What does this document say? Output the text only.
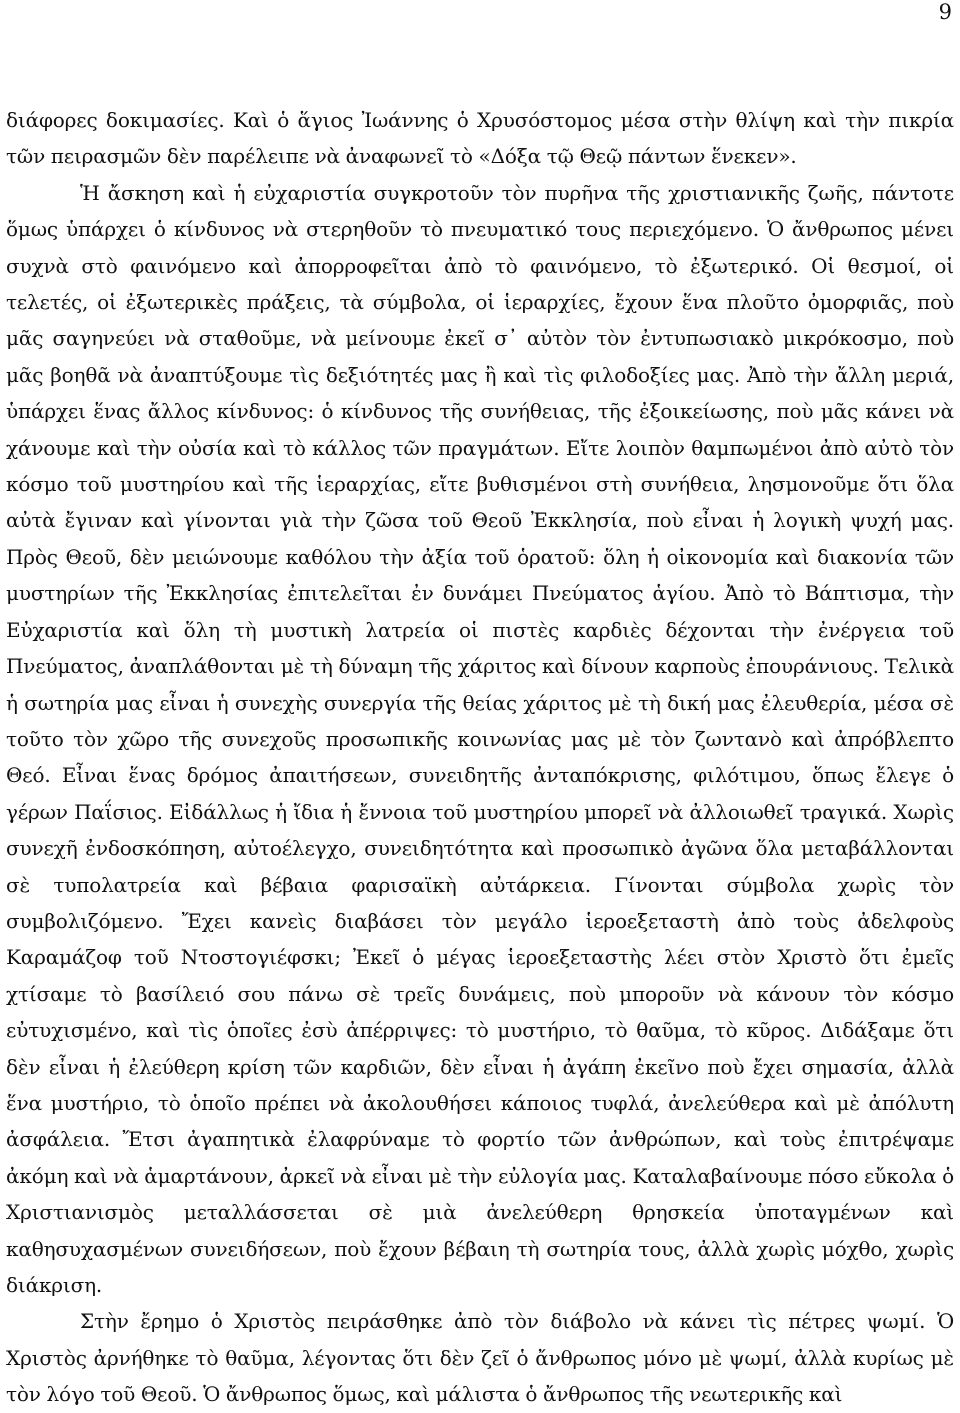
9

διάφορες δοκιμασίες. Καὶ ὁ ἅγιος Ἰωάννης ὁ Χρυσόστομος μέσα στὴν θλίψη καὶ τὴν πικρία τῶν πειρασμῶν δὲν παρέλειπε νὰ ἀναφωνεῖ τὸ «Δόξα τῷ Θεῷ πάντων ἕνεκεν».

Ἡ ἄσκηση καὶ ἡ εὐχαριστία συγκροτοῦν τὸν πυρῆνα τῆς χριστιανικῆς ζωῆς, πάντοτε ὅμως ὑπάρχει ὁ κίνδυνος νὰ στερηθοῦν τὸ πνευματικό τους περιεχόμενο. Ὁ ἄνθρωπος μένει συχνὰ στὸ φαινόμενο καὶ ἀπορροφεῖται ἀπὸ τὸ φαινόμενο, τὸ ἐξωτερικό. Οἱ θεσμοί, οἱ τελετές, οἱ ἐξωτερικὲς πράξεις, τὰ σύμβολα, οἱ ἱεραρχίες, ἔχουν ἕνα πλοῦτο ὀμορφιᾶς, ποὺ μᾶς σαγηνεύει νὰ σταθοῦμε, νὰ μείνουμε ἐκεῖ σ᾽ αὐτὸν τὸν ἐντυπωσιακὸ μικρόκοσμο, ποὺ μᾶς βοηθᾶ νὰ ἀναπτύξουμε τὶς δεξιότητές μας ἢ καὶ τὶς φιλοδοξίες μας. Ἀπὸ τὴν ἄλλη μεριά, ὑπάρχει ἕνας ἄλλος κίνδυνος: ὁ κίνδυνος τῆς συνήθειας, τῆς ἐξοικείωσης, ποὺ μᾶς κάνει νὰ χάνουμε καὶ τὴν οὐσία καὶ τὸ κάλλος τῶν πραγμάτων. Εἴτε λοιπὸν θαμπωμένοι ἀπὸ αὐτὸ τὸν κόσμο τοῦ μυστηρίου καὶ τῆς ἱεραρχίας, εἴτε βυθισμένοι στὴ συνήθεια, λησμονοῦμε ὅτι ὅλα αὐτὰ ἔγιναν καὶ γίνονται γιὰ τὴν ζῶσα τοῦ Θεοῦ Ἐκκλησία, ποὺ εἶναι ἡ λογικὴ ψυχή μας. Πρὸς Θεοῦ, δὲν μειώνουμε καθόλου τὴν ἀξία τοῦ ὁρατοῦ: ὅλη ἡ οἰκονομία καὶ διακονία τῶν μυστηρίων τῆς Ἐκκλησίας ἐπιτελεῖται ἐν δυνάμει Πνεύματος ἁγίου. Ἀπὸ τὸ Βάπτισμα, τὴν Εὐχαριστία καὶ ὅλη τὴ μυστικὴ λατρεία οἱ πιστὲς καρδιὲς δέχονται τὴν ἐνέργεια τοῦ Πνεύματος, ἀναπλάθονται μὲ τὴ δύναμη τῆς χάριτος καὶ δίνουν καρποὺς ἐπουράνιους. Τελικὰ ἡ σωτηρία μας εἶναι ἡ συνεχὴς συνεργία τῆς θείας χάριτος μὲ τὴ δική μας ἐλευθερία, μέσα σὲ τοῦτο τὸν χῶρο τῆς συνεχοῦς προσωπικῆς κοινωνίας μας μὲ τὸν ζωντανὸ καὶ ἀπρόβλεπτο Θεό. Εἶναι ἕνας δρόμος ἀπαιτήσεων, συνειδητῆς ἀνταπόκρισης, φιλότιμου, ὅπως ἔλεγε ὁ γέρων Παΐσιος. Εἰδάλλως ἡ ἴδια ἡ ἔννοια τοῦ μυστηρίου μπορεῖ νὰ ἀλλοιωθεῖ τραγικά. Χωρὶς συνεχῆ ἐνδοσκόπηση, αὐτοέλεγχο, συνειδητότητα καὶ προσωπικὸ ἀγῶνα ὅλα μεταβάλλονται σὲ τυπολατρεία καὶ βέβαια φαρισαϊκὴ αὐτάρκεια. Γίνονται σύμβολα χωρὶς τὸν συμβολιζόμενο. Ἔχει κανεὶς διαβάσει τὸν μεγάλο ἱεροεξεταστὴ ἀπὸ τοὺς ἀδελφοὺς Καραμάζοφ τοῦ Ντοστογιέφσκι; Ἐκεῖ ὁ μέγας ἱεροεξεταστὴς λέει στὸν Χριστὸ ὅτι ἐμεῖς χτίσαμε τὸ βασίλειό σου πάνω σὲ τρεῖς δυνάμεις, ποὺ μποροῦν νὰ κάνουν τὸν κόσμο εὐτυχισμένο, καὶ τὶς ὁποῖες ἐσὺ ἀπέρριψες: τὸ μυστήριο, τὸ θαῦμα, τὸ κῦρος. Διδάξαμε ὅτι δὲν εἶναι ἡ ἐλεύθερη κρίση τῶν καρδιῶν, δὲν εἶναι ἡ ἀγάπη ἐκεῖνο ποὺ ἔχει σημασία, ἀλλὰ ἕνα μυστήριο, τὸ ὁποῖο πρέπει νὰ ἀκολουθήσει κάποιος τυφλά, ἀνελεύθερα καὶ μὲ ἀπόλυτη ἀσφάλεια. Ἔτσι ἀγαπητικὰ ἐλαφρύναμε τὸ φορτίο τῶν ἀνθρώπων, καὶ τοὺς ἐπιτρέψαμε ἀκόμη καὶ νὰ ἁμαρτάνουν, ἀρκεῖ νὰ εἶναι μὲ τὴν εὐλογία μας. Καταλαβαίνουμε πόσο εὔκολα ὁ Χριστιανισμὸς μεταλλάσσεται σὲ μιὰ ἀνελεύθερη θρησκεία ὑποταγμένων καὶ καθησυχασμένων συνειδήσεων, ποὺ ἔχουν βέβαιη τὴ σωτηρία τους, ἀλλὰ χωρὶς μόχθο, χωρὶς διάκριση.

Στὴν ἔρημο ὁ Χριστὸς πειράσθηκε ἀπὸ τὸν διάβολο νὰ κάνει τὶς πέτρες ψωμί. Ὁ Χριστὸς ἀρνήθηκε τὸ θαῦμα, λέγοντας ὅτι δὲν ζεῖ ὁ ἄνθρωπος μόνο μὲ ψωμί, ἀλλὰ κυρίως μὲ τὸν λόγο τοῦ Θεοῦ. Ὁ ἄνθρωπος ὅμως, καὶ μάλιστα ὁ ἄνθρωπος τῆς νεωτερικῆς καὶ
